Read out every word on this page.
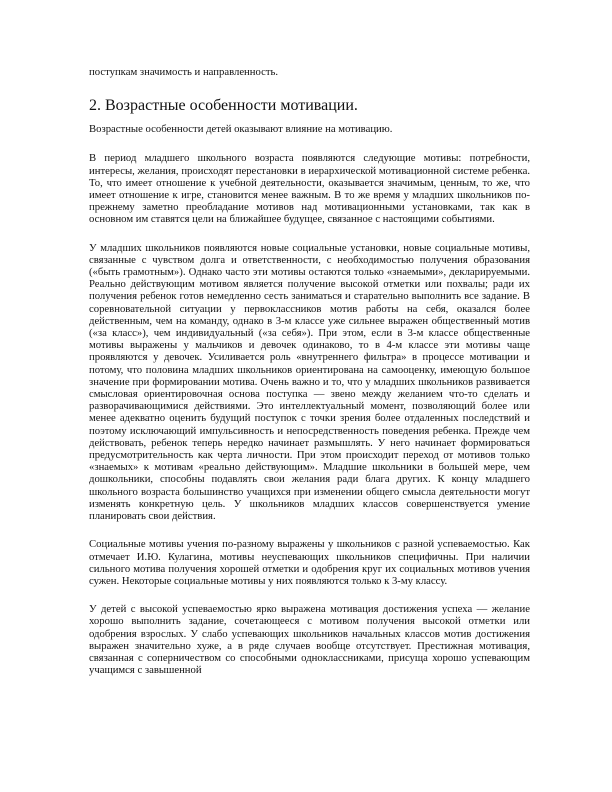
поступкам значимость и направленность.

2. Возрастные особенности мотивации.

Возрастные особенности детей оказывают влияние на мотивацию.

В период младшего школьного возраста появляются следующие мотивы: потребности, интересы, желания, происходят перестановки в иерархической мотивационной системе ребенка. То, что имеет отношение к учебной деятельности, оказывается значимым, ценным, то же, что имеет отношение к игре, становится менее важным. В то же время у младших школьников по-прежнему заметно преобладание мотивов над мотивационными установками, так как в основном им ставятся цели на ближайшее будущее, связанное с настоящими событиями.

У младших школьников появляются новые социальные установки, новые социальные мотивы, связанные с чувством долга и ответственности, с необходимостью получения образования («быть грамотным»). Однако часто эти мотивы остаются только «знаемыми», декларируемыми. Реально действующим мотивом является получение высокой отметки или похвалы; ради их получения ребенок готов немедленно сесть заниматься и старательно выполнить все задание. В соревновательной ситуации у первоклассников мотив работы на себя, оказался более действенным, чем на команду, однако в 3-м классе уже сильнее выражен общественный мотив («за класс»), чем индивидуальный («за себя»). При этом, если в 3-м классе общественные мотивы выражены у мальчиков и девочек одинаково, то в 4-м классе эти мотивы чаще проявляются у девочек. Усиливается роль «внутреннего фильтра» в процессе мотивации и потому, что половина младших школьников ориентирована на самооценку, имеющую большое значение при формировании мотива. Очень важно и то, что у младших школьников развивается смысловая ориентировочная основа поступка — звено между желанием что-то сделать и разворачивающимися действиями. Это интеллектуальный момент, позволяющий более или менее адекватно оценить будущий поступок с точки зрения более отдаленных последствий и поэтому исключающий импульсивность и непосредственность поведения ребенка. Прежде чем действовать, ребенок теперь нередко начинает размышлять. У него начинает формироваться предусмотрительность как черта личности. При этом происходит переход от мотивов только «знаемых» к мотивам «реально действующим». Младшие школьники в большей мере, чем дошкольники, способны подавлять свои желания ради блага других. К концу младшего школьного возраста большинство учащихся при изменении общего смысла деятельности могут изменять конкретную цель. У школьников младших классов совершенствуется умение планировать свои действия.

Социальные мотивы учения по-разному выражены у школьников с разной успеваемостью. Как отмечает И.Ю. Кулагина, мотивы неуспевающих школьников специфичны. При наличии сильного мотива получения хорошей отметки и одобрения круг их социальных мотивов учения сужен. Некоторые социальные мотивы у них появляются только к 3-му классу.

У детей с высокой успеваемостью ярко выражена мотивация достижения успеха — желание хорошо выполнить задание, сочетающееся с мотивом получения высокой отметки или одобрения взрослых. У слабо успевающих школьников начальных классов мотив достижения выражен значительно хуже, а в ряде случаев вообще отсутствует. Престижная мотивация, связанная с соперничеством со способными одноклассниками, присуща хорошо успевающим учащимся с завышенной
